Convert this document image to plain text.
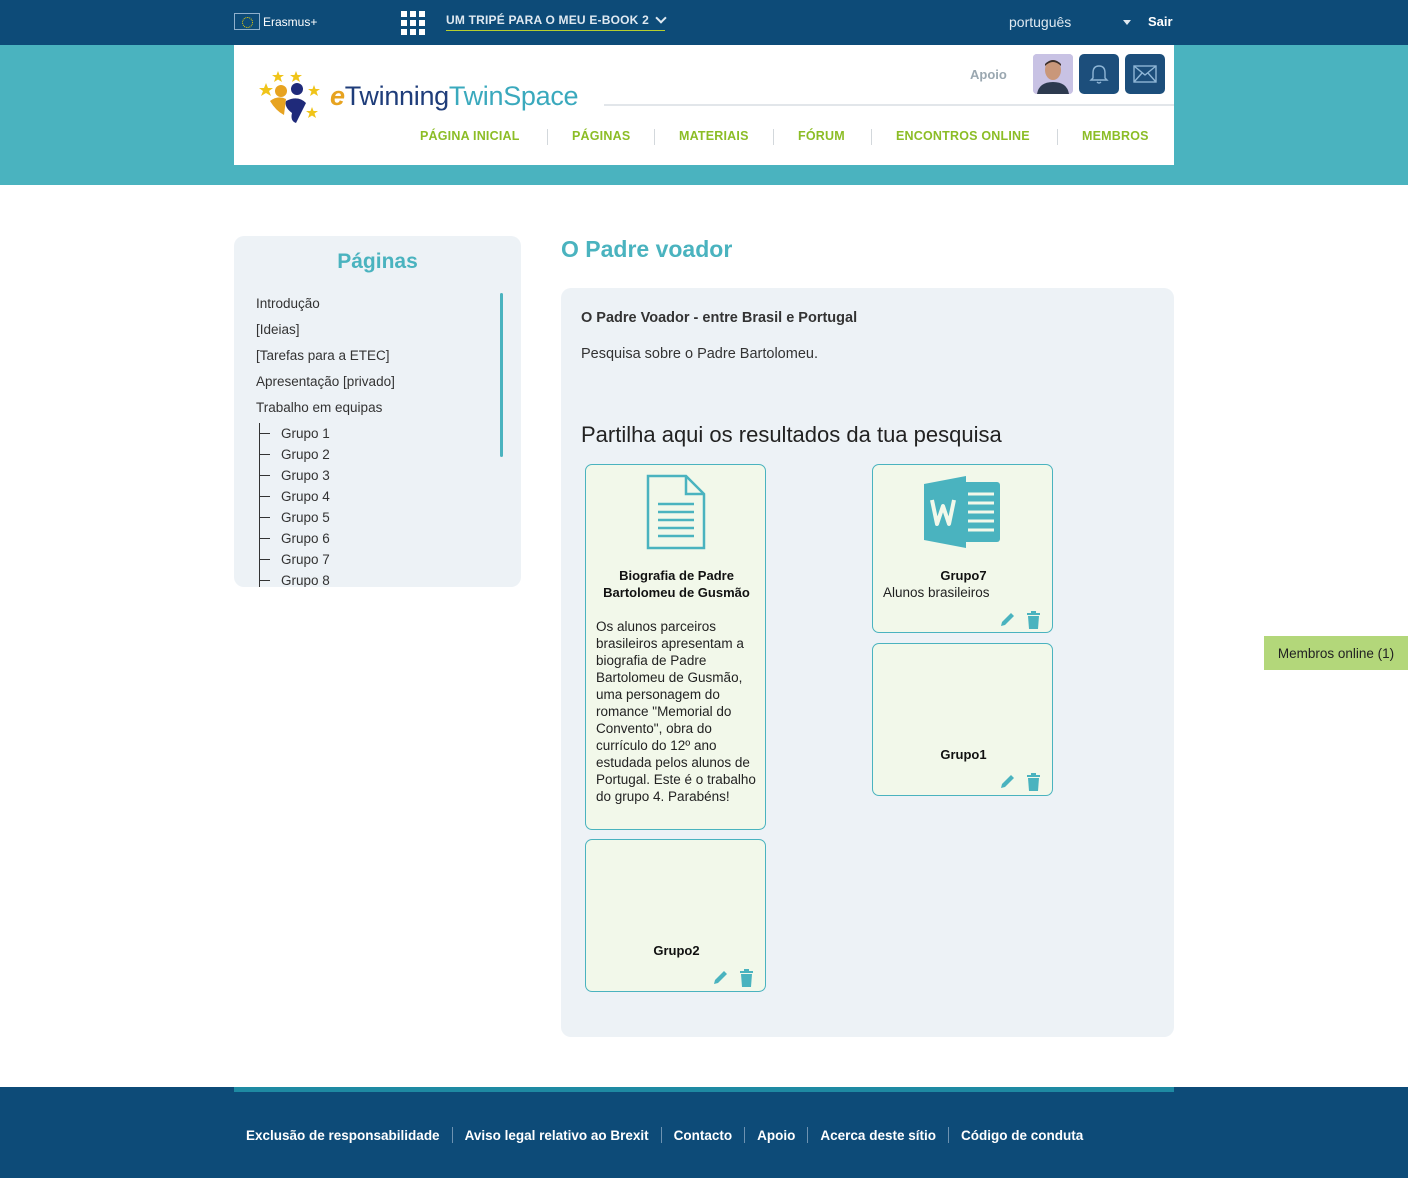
Erasmus+	UM TRIPÉ PARA O MEU E-BOOK 2	português	Sair
eTwinningTwinSpace
Apoio
PÁGINA INICIAL	PÁGINAS	MATERIAIS	FÓRUM	ENCONTROS ONLINE	MEMBROS
Páginas
Introdução
[Ideias]
[Tarefas para a ETEC]
Apresentação [privado]
Trabalho em equipas
Grupo 1
Grupo 2
Grupo 3
Grupo 4
Grupo 5
Grupo 6
Grupo 7
Grupo 8
O Padre voador
O Padre Voador - entre Brasil e Portugal
Pesquisa sobre o Padre Bartolomeu.
Partilha aqui os resultados da tua pesquisa
Biografia de Padre Bartolomeu de Gusmão
Os alunos parceiros brasileiros apresentam a biografia de Padre Bartolomeu de Gusmão, uma personagem do romance "Memorial do Convento", obra do currículo do 12º ano estudada pelos alunos de Portugal. Este é o trabalho do grupo 4. Parabéns!
Grupo7
Alunos brasileiros
Grupo1
Grupo2
Membros online (1)
Exclusão de responsabilidade Aviso legal relativo ao Brexit Contacto Apoio Acerca deste sítio Código de conduta
